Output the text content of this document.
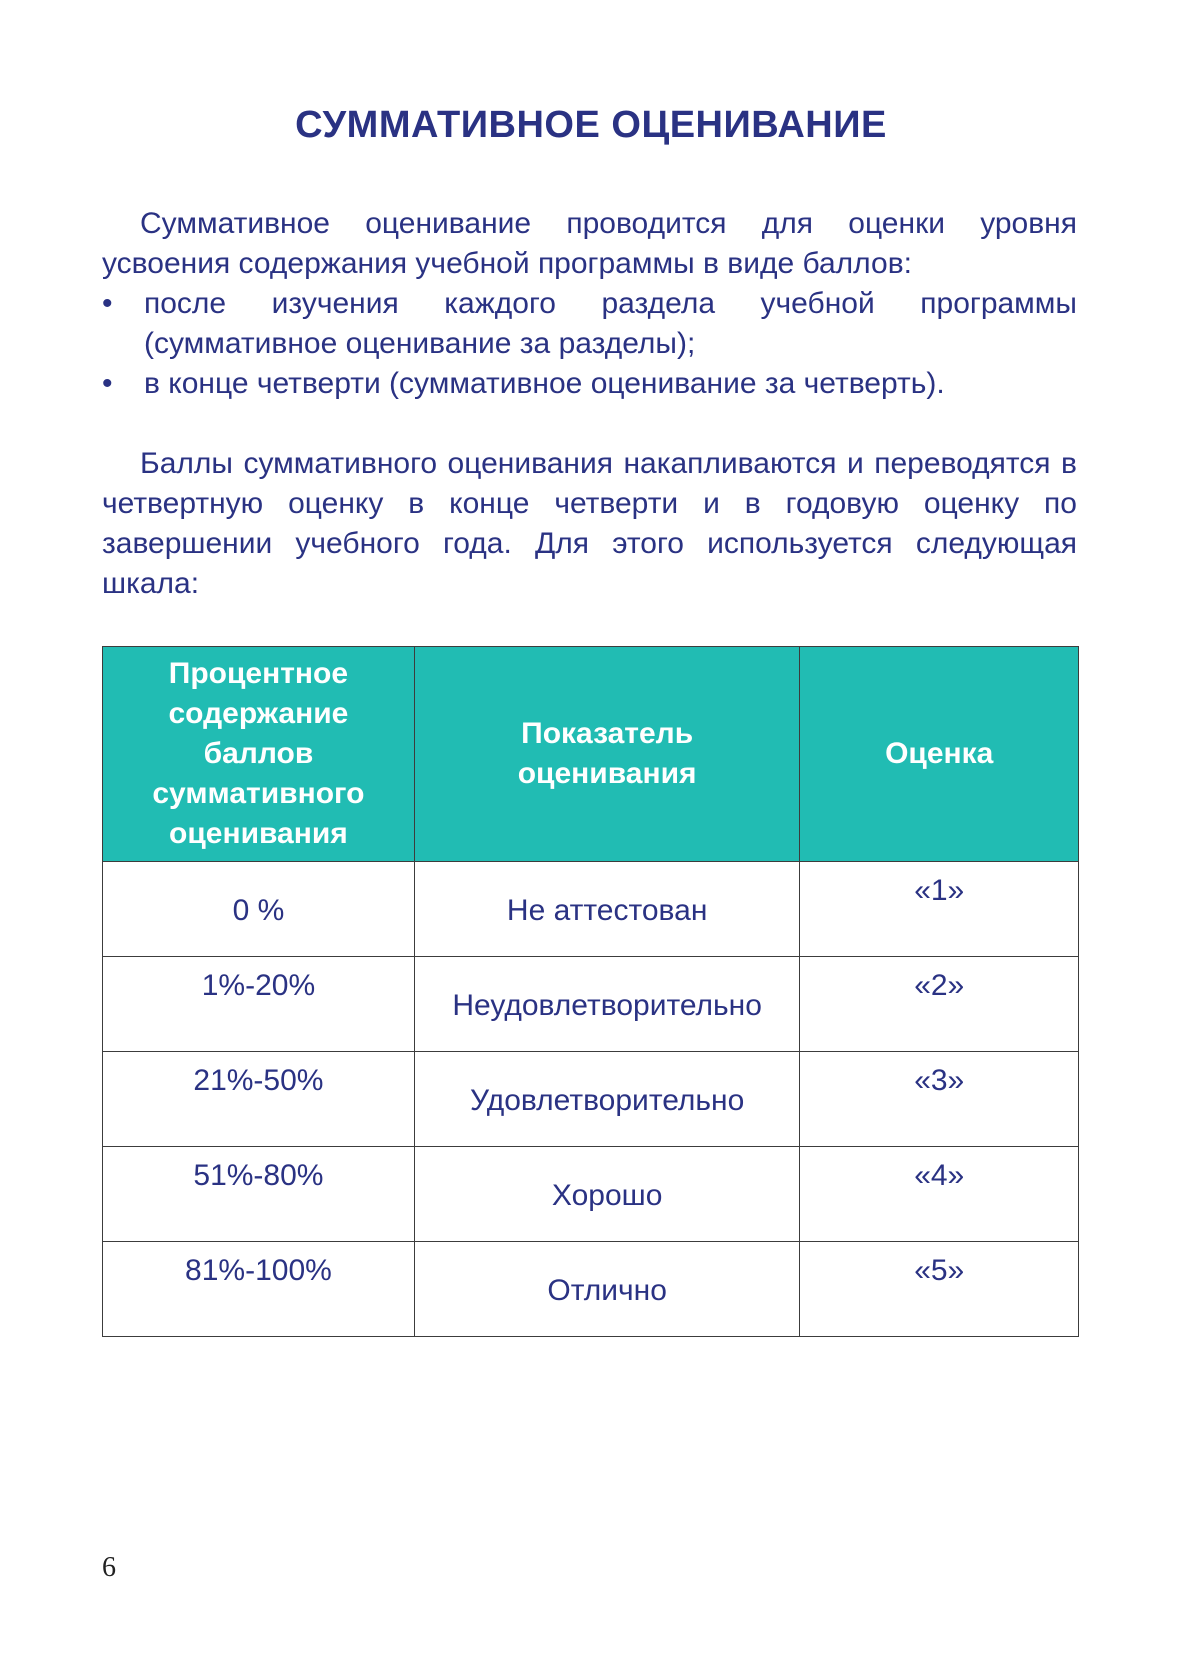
СУММАТИВНОЕ ОЦЕНИВАНИЕ
Суммативное оценивание проводится для оценки уровня усвоения содержания учебной программы в виде баллов:
• после изучения каждого раздела учебной программы (суммативное оценивание за разделы);
• в конце четверти (суммативное оценивание за четверть).
Баллы суммативного оценивания накапливаются и переводятся в четвертную оценку в конце четверти и в годовую оценку по завершении учебного года. Для этого используется следующая шкала:
Процентное содержание баллов суммативного оценивания	Показатель оценивания	Оценка

0 %	Не аттестован	«1»

1%-20%	Неудовлетворительно	«2»

21%-50%	Удовлетворительно	«3»

51%-80%	Хорошо	«4»

81%-100%	Отлично	«5»
6
